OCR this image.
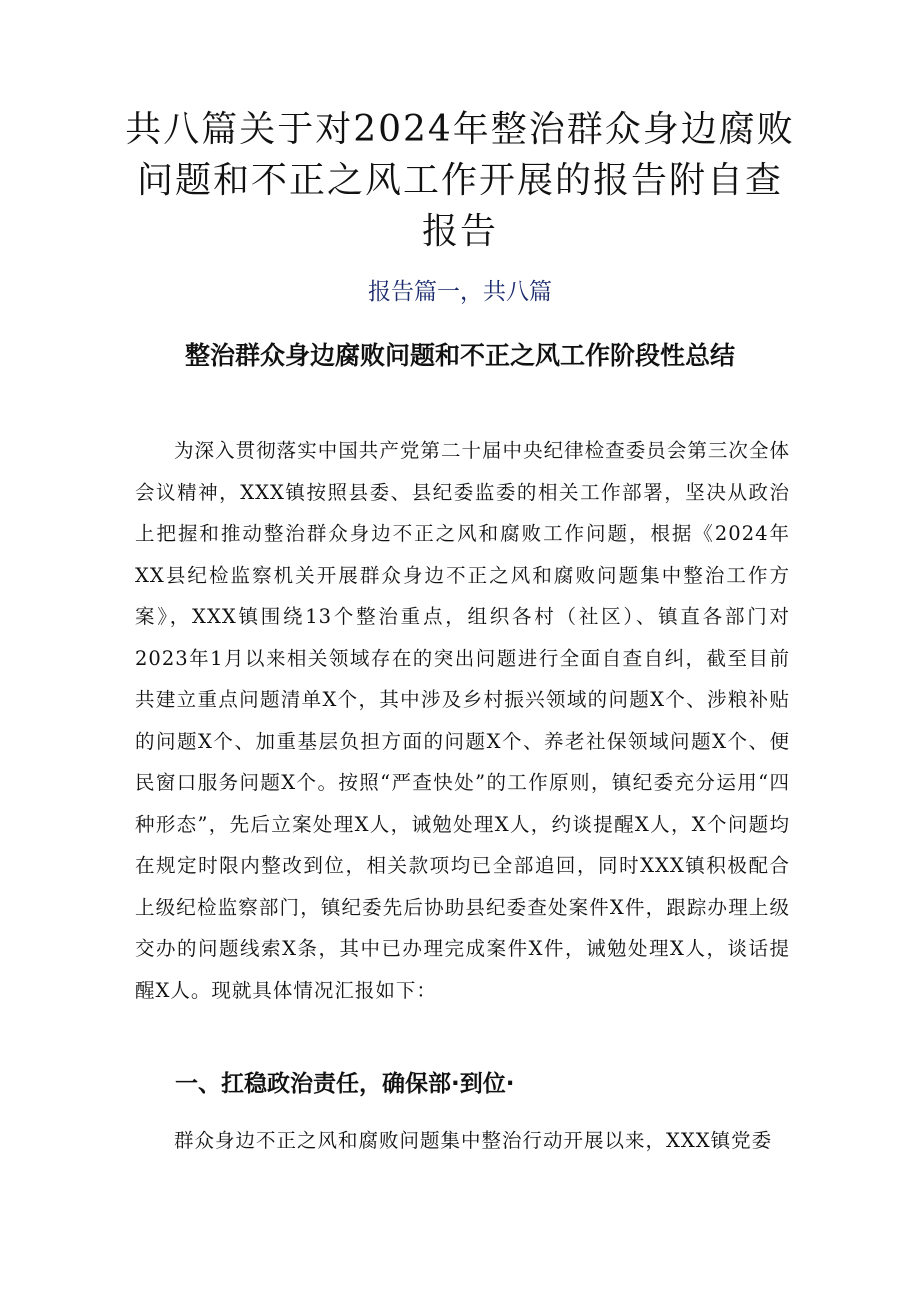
共八篇关于对2024年整治群众身边腐败问题和不正之风工作开展的报告附自查报告

报告篇一，共八篇

整治群众身边腐败问题和不正之风工作阶段性总结

为深入贯彻落实中国共产党第二十届中央纪律检查委员会第三次全体会议精神，XXX镇按照县委、县纪委监委的相关工作部署，坚决从政治上把握和推动整治群众身边不正之风和腐败工作问题，根据《2024年XX县纪检监察机关开展群众身边不正之风和腐败问题集中整治工作方案》，XXX镇围绕13个整治重点，组织各村（社区）、镇直各部门对2023年1月以来相关领域存在的突出问题进行全面自查自纠，截至目前共建立重点问题清单X个，其中涉及乡村振兴领域的问题X个、涉粮补贴的问题X个、加重基层负担方面的问题X个、养老社保领域问题X个、便民窗口服务问题X个。按照“严查快处”的工作原则，镇纪委充分运用“四种形态”，先后立案处理X人，诫勉处理X人，约谈提醒X人，X个问题均在规定时限内整改到位，相关款项均已全部追回，同时XXX镇积极配合上级纪检监察部门，镇纪委先后协助县纪委查处案件X件，跟踪办理上级交办的问题线索X条，其中已办理完成案件X件，诫勉处理X人，谈话提醒X人。现就具体情况汇报如下：

一、扛稳政治责任，确保部·到位·

群众身边不正之风和腐败问题集中整治行动开展以来，XXX镇党委
